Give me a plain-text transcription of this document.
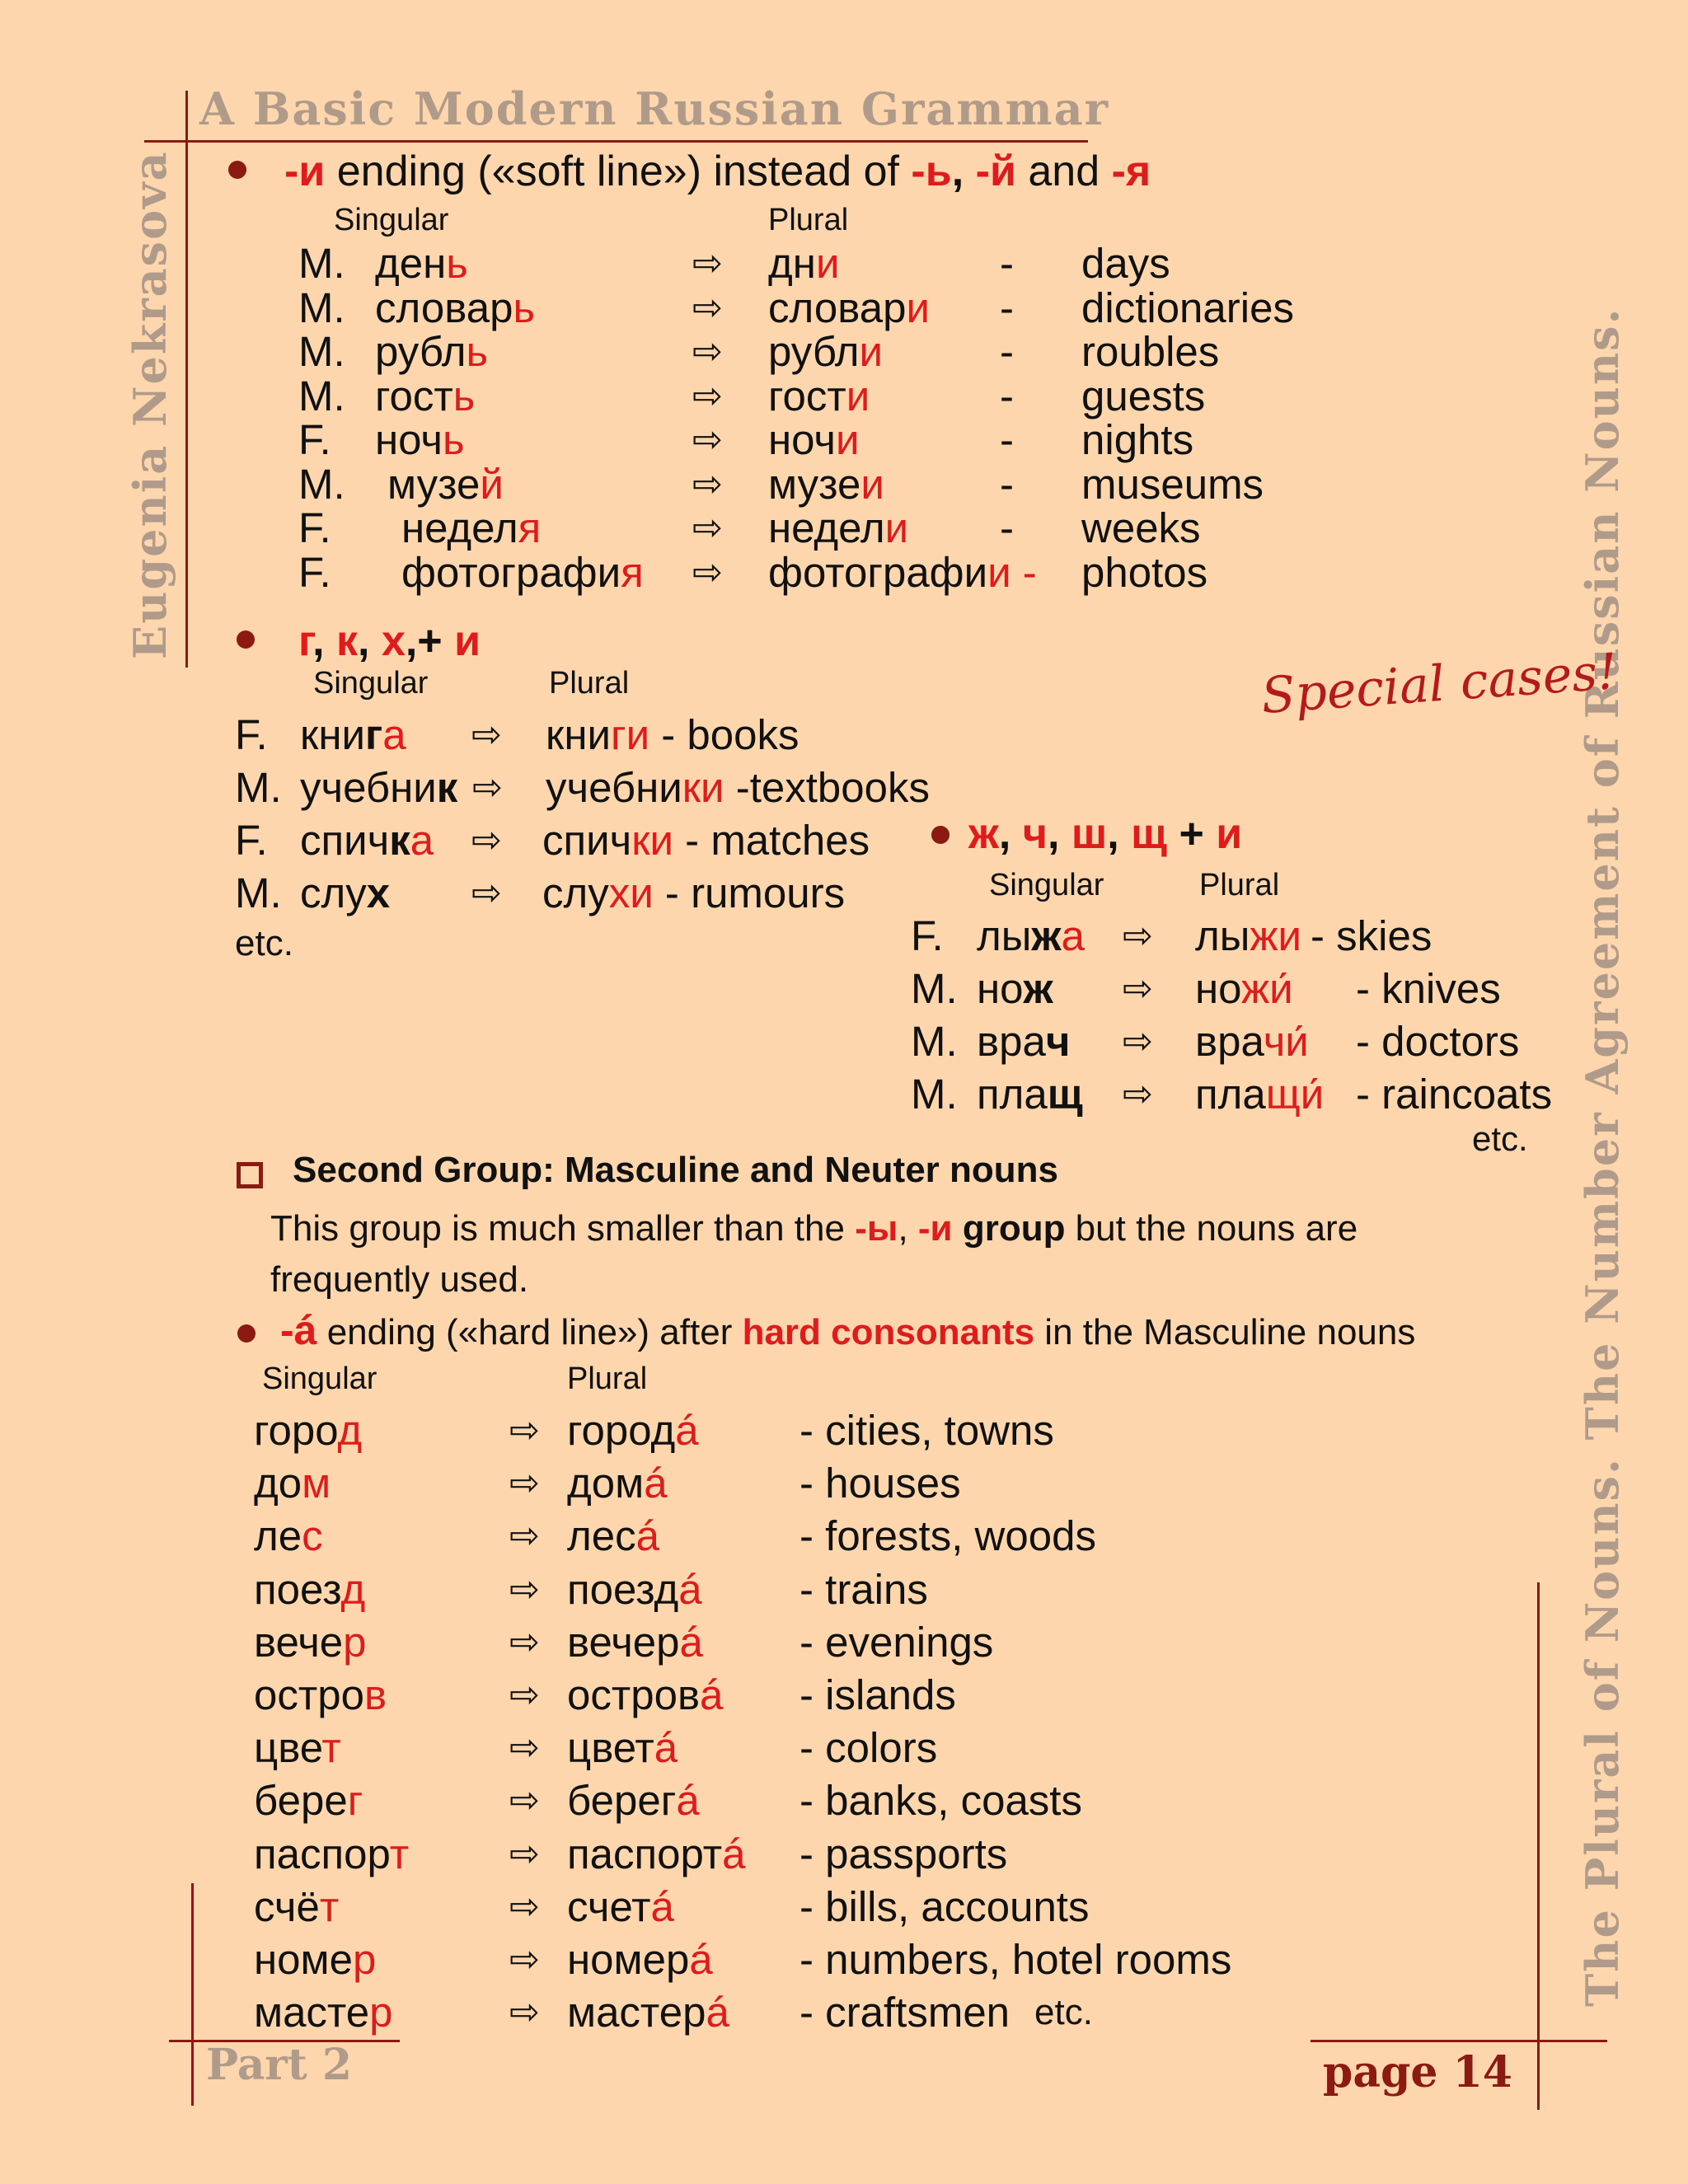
A Basic Modern Russian Grammar
Eugenia Nekrasova	The Plural of Nouns. The Number Agreement of Russian Nouns.
Part 2	page 14
-и ending («soft line») instead of -ь, -й and -я
Singular	Plural
M. день	⇨ дни	- days
M. словарь	⇨ словари - dictionaries
M. рубль	⇨ рубли	- roubles
M. гость	⇨ гости	- guests
F. ночь	⇨ ночи	- nights
M. музей	⇨ музеи	- museums
F. неделя	⇨ недели - weeks
F. фотография ⇨ фотографии - photos
г, к, х,+ и
Singular	Plural	Special cases!
F. книга ⇨ книги - books
M. учебник ⇨ учебники -textbooks
F. спичка ⇨ спички - matches
M. слух ⇨ слухи - rumours
etc.
ж, ч, ш, щ + и
Singular	Plural
F. лыжа ⇨ лыжи - skies
M. нож ⇨ ножи́ - knives
M. врач ⇨ врачи́ - doctors
M. плащ ⇨ плащи́ - raincoats
etc.
Second Group: Masculine and Neuter nouns
This group is much smaller than the -ы, -и group but the nouns are
frequently used.
-á ending («hard line») after hard consonants in the Masculine nouns
Singular	Plural
город	⇨ городá - cities, towns
дом	⇨ домá	- houses
лес	⇨ лесá	- forests, woods
поезд	⇨ поездá - trains
вечер	⇨ вечерá - evenings
остров	⇨ островá - islands
цвет	⇨ цветá	- colors
берег	⇨ берегá - banks, coasts
паспорт	⇨ паспортá - passports
счёт	⇨ счетá	- bills, accounts
номер	⇨ номерá - numbers, hotel rooms
мастер	⇨ мастерá - craftsmen etc.
